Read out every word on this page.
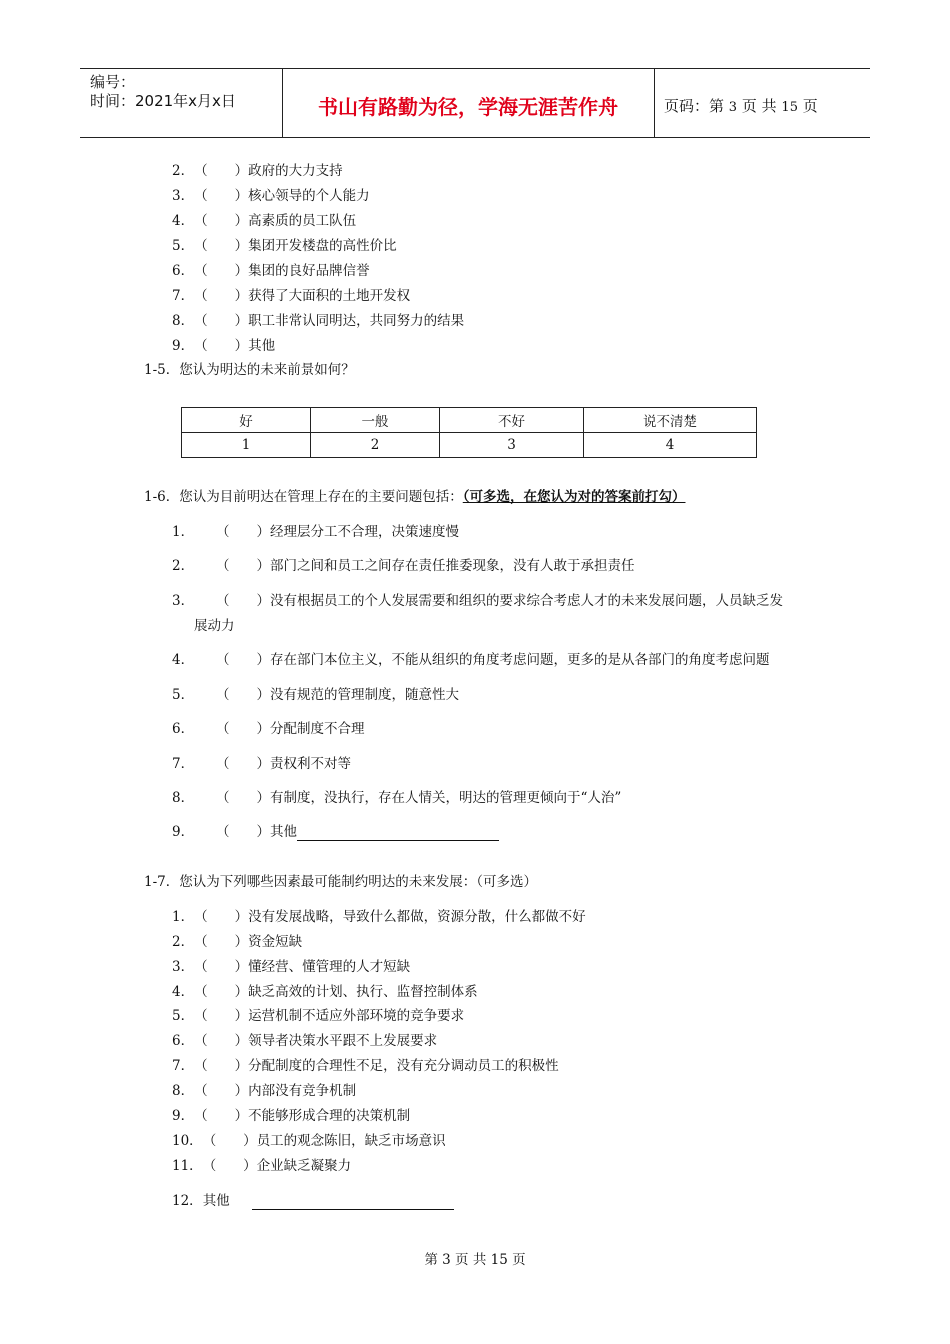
编号：
时间：2021年x月x日	书山有路勤为径，学海无涯苦作舟	页码：第 3 页 共 15 页
2．（　　）政府的大力支持
3．（　　）核心领导的个人能力
4．（　　）高素质的员工队伍
5．（　　）集团开发楼盘的高性价比
6．（　　）集团的良好品牌信誉
7．（　　）获得了大面积的土地开发权
8．（　　）职工非常认同明达，共同努力的结果
9．（　　）其他
1-5．您认为明达的未来前景如何？
好	一般	不好	说不清楚
1	2	3	4
1-6．您认为目前明达在管理上存在的主要问题包括：（可多选，在您认为对的答案前打勾）
1． （　　）经理层分工不合理，决策速度慢
2． （　　）部门之间和员工之间存在责任推委现象，没有人敢于承担责任
3． （　　）没有根据员工的个人发展需要和组织的要求综合考虑人才的未来发展问题，人员缺乏发
展动力
4． （　　）存在部门本位主义，不能从组织的角度考虑问题，更多的是从各部门的角度考虑问题
5． （　　）没有规范的管理制度，随意性大
6． （　　）分配制度不合理
7． （　　）责权利不对等
8． （　　）有制度，没执行，存在人情关，明达的管理更倾向于“人治”
9． （　　）其他
1-7．您认为下列哪些因素最可能制约明达的未来发展：（可多选）
1．（　　）没有发展战略，导致什么都做，资源分散，什么都做不好
2．（　　）资金短缺
3．（　　）懂经营、懂管理的人才短缺
4．（　　）缺乏高效的计划、执行、监督控制体系
5．（　　）运营机制不适应外部环境的竞争要求
6．（　　）领导者决策水平跟不上发展要求
7．（　　）分配制度的合理性不足，没有充分调动员工的积极性
8．（　　）内部没有竞争机制
9．（　　）不能够形成合理的决策机制
10．（　　）员工的观念陈旧，缺乏市场意识
11．（　　）企业缺乏凝聚力
12．其他
第 3 页 共 15 页
